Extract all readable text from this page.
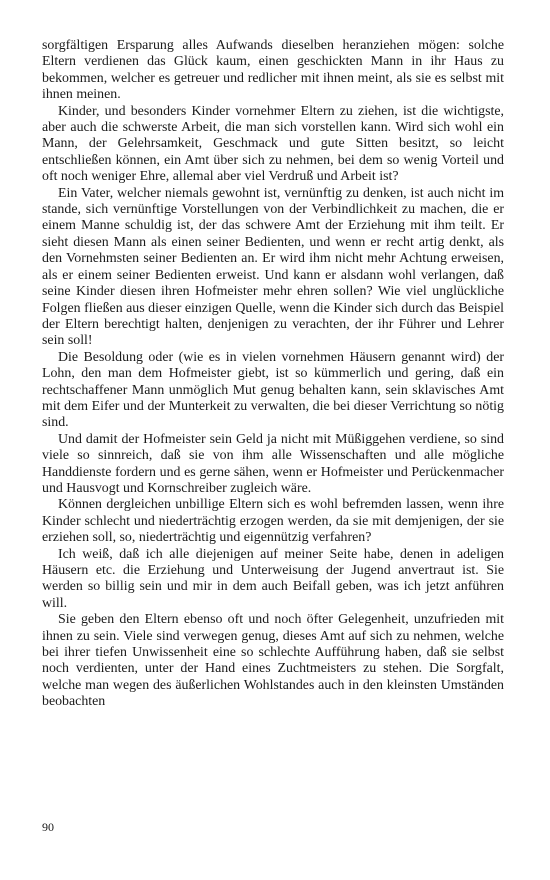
sorgfältigen Ersparung alles Aufwands dieselben heranziehen mögen: solche Eltern verdienen das Glück kaum, einen geschickten Mann in ihr Haus zu bekommen, welcher es getreuer und redlicher mit ihnen meint, als sie es selbst mit ihnen meinen.

Kinder, und besonders Kinder vornehmer Eltern zu ziehen, ist die wichtigste, aber auch die schwerste Arbeit, die man sich vorstellen kann. Wird sich wohl ein Mann, der Gelehrsamkeit, Geschmack und gute Sitten besitzt, so leicht entschließen können, ein Amt über sich zu nehmen, bei dem so wenig Vorteil und oft noch weniger Ehre, allemal aber viel Verdruß und Arbeit ist?

Ein Vater, welcher niemals gewohnt ist, vernünftig zu denken, ist auch nicht im stande, sich vernünftige Vorstellungen von der Verbindlichkeit zu machen, die er einem Manne schuldig ist, der das schwere Amt der Erziehung mit ihm teilt. Er sieht diesen Mann als einen seiner Bedienten, und wenn er recht artig denkt, als den Vornehmsten seiner Bedienten an. Er wird ihm nicht mehr Achtung erweisen, als er einem seiner Bedienten erweist. Und kann er alsdann wohl verlangen, daß seine Kinder diesen ihren Hofmeister mehr ehren sollen? Wie viel unglückliche Folgen fließen aus dieser einzigen Quelle, wenn die Kinder sich durch das Beispiel der Eltern berechtigt halten, denjenigen zu verachten, der ihr Führer und Lehrer sein soll!

Die Besoldung oder (wie es in vielen vornehmen Häusern genannt wird) der Lohn, den man dem Hofmeister giebt, ist so kümmerlich und gering, daß ein rechtschaffener Mann unmöglich Mut genug behalten kann, sein sklavisches Amt mit dem Eifer und der Munterkeit zu verwalten, die bei dieser Verrichtung so nötig sind.

Und damit der Hofmeister sein Geld ja nicht mit Müßiggehen verdiene, so sind viele so sinnreich, daß sie von ihm alle Wissenschaften und alle mögliche Handdienste fordern und es gerne sähen, wenn er Hofmeister und Perückenmacher und Hausvogt und Kornschreiber zugleich wäre.

Können dergleichen unbillige Eltern sich es wohl befremden lassen, wenn ihre Kinder schlecht und niederträchtig erzogen werden, da sie mit demjenigen, der sie erziehen soll, so, niederträchtig und eigennützig verfahren?

Ich weiß, daß ich alle diejenigen auf meiner Seite habe, denen in adeligen Häusern etc. die Erziehung und Unterweisung der Jugend anvertraut ist. Sie werden so billig sein und mir in dem auch Beifall geben, was ich jetzt anführen will.

Sie geben den Eltern ebenso oft und noch öfter Gelegenheit, unzufrieden mit ihnen zu sein. Viele sind verwegen genug, dieses Amt auf sich zu nehmen, welche bei ihrer tiefen Unwissenheit eine so schlechte Aufführung haben, daß sie selbst noch verdienten, unter der Hand eines Zuchtmeisters zu stehen. Die Sorgfalt, welche man wegen des äußerlichen Wohlstandes auch in den kleinsten Umständen beobachten

90
